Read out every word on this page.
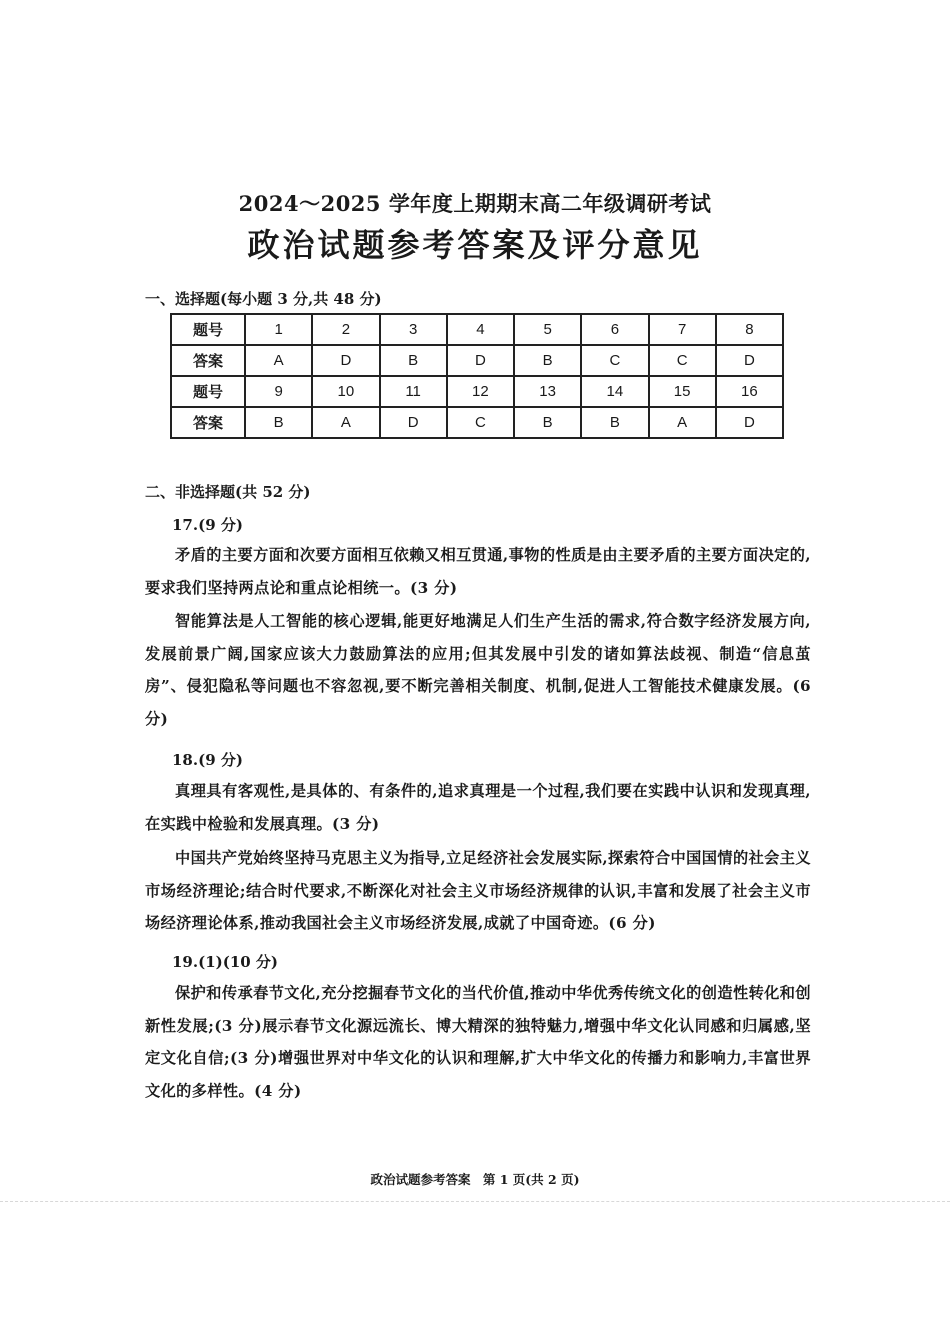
2024～2025 学年度上期期末高二年级调研考试
政治试题参考答案及评分意见
一、选择题(每小题 3 分,共 48 分)
题号	1	2	3	4	5	6	7	8
答案	A	D	B	D	B	C	C	D
题号	9	10	11	12	13	14	15	16
答案	B	A	D	C	B	B	A	D
二、非选择题(共 52 分)
17.(9 分)
矛盾的主要方面和次要方面相互依赖又相互贯通,事物的性质是由主要矛盾的主要方面决定的,要求我们坚持两点论和重点论相统一。(3 分)
智能算法是人工智能的核心逻辑,能更好地满足人们生产生活的需求,符合数字经济发展方向,发展前景广阔,国家应该大力鼓励算法的应用;但其发展中引发的诸如算法歧视、制造“信息茧房”、侵犯隐私等问题也不容忽视,要不断完善相关制度、机制,促进人工智能技术健康发展。(6 分)
18.(9 分)
真理具有客观性,是具体的、有条件的,追求真理是一个过程,我们要在实践中认识和发现真理,在实践中检验和发展真理。(3 分)
中国共产党始终坚持马克思主义为指导,立足经济社会发展实际,探索符合中国国情的社会主义市场经济理论;结合时代要求,不断深化对社会主义市场经济规律的认识,丰富和发展了社会主义市场经济理论体系,推动我国社会主义市场经济发展,成就了中国奇迹。(6 分)
19.(1)(10 分)
保护和传承春节文化,充分挖掘春节文化的当代价值,推动中华优秀传统文化的创造性转化和创新性发展;(3 分)展示春节文化源远流长、博大精深的独特魅力,增强中华文化认同感和归属感,坚定文化自信;(3 分)增强世界对中华文化的认识和理解,扩大中华文化的传播力和影响力,丰富世界文化的多样性。(4 分)
政治试题参考答案 第 1 页(共 2 页)
